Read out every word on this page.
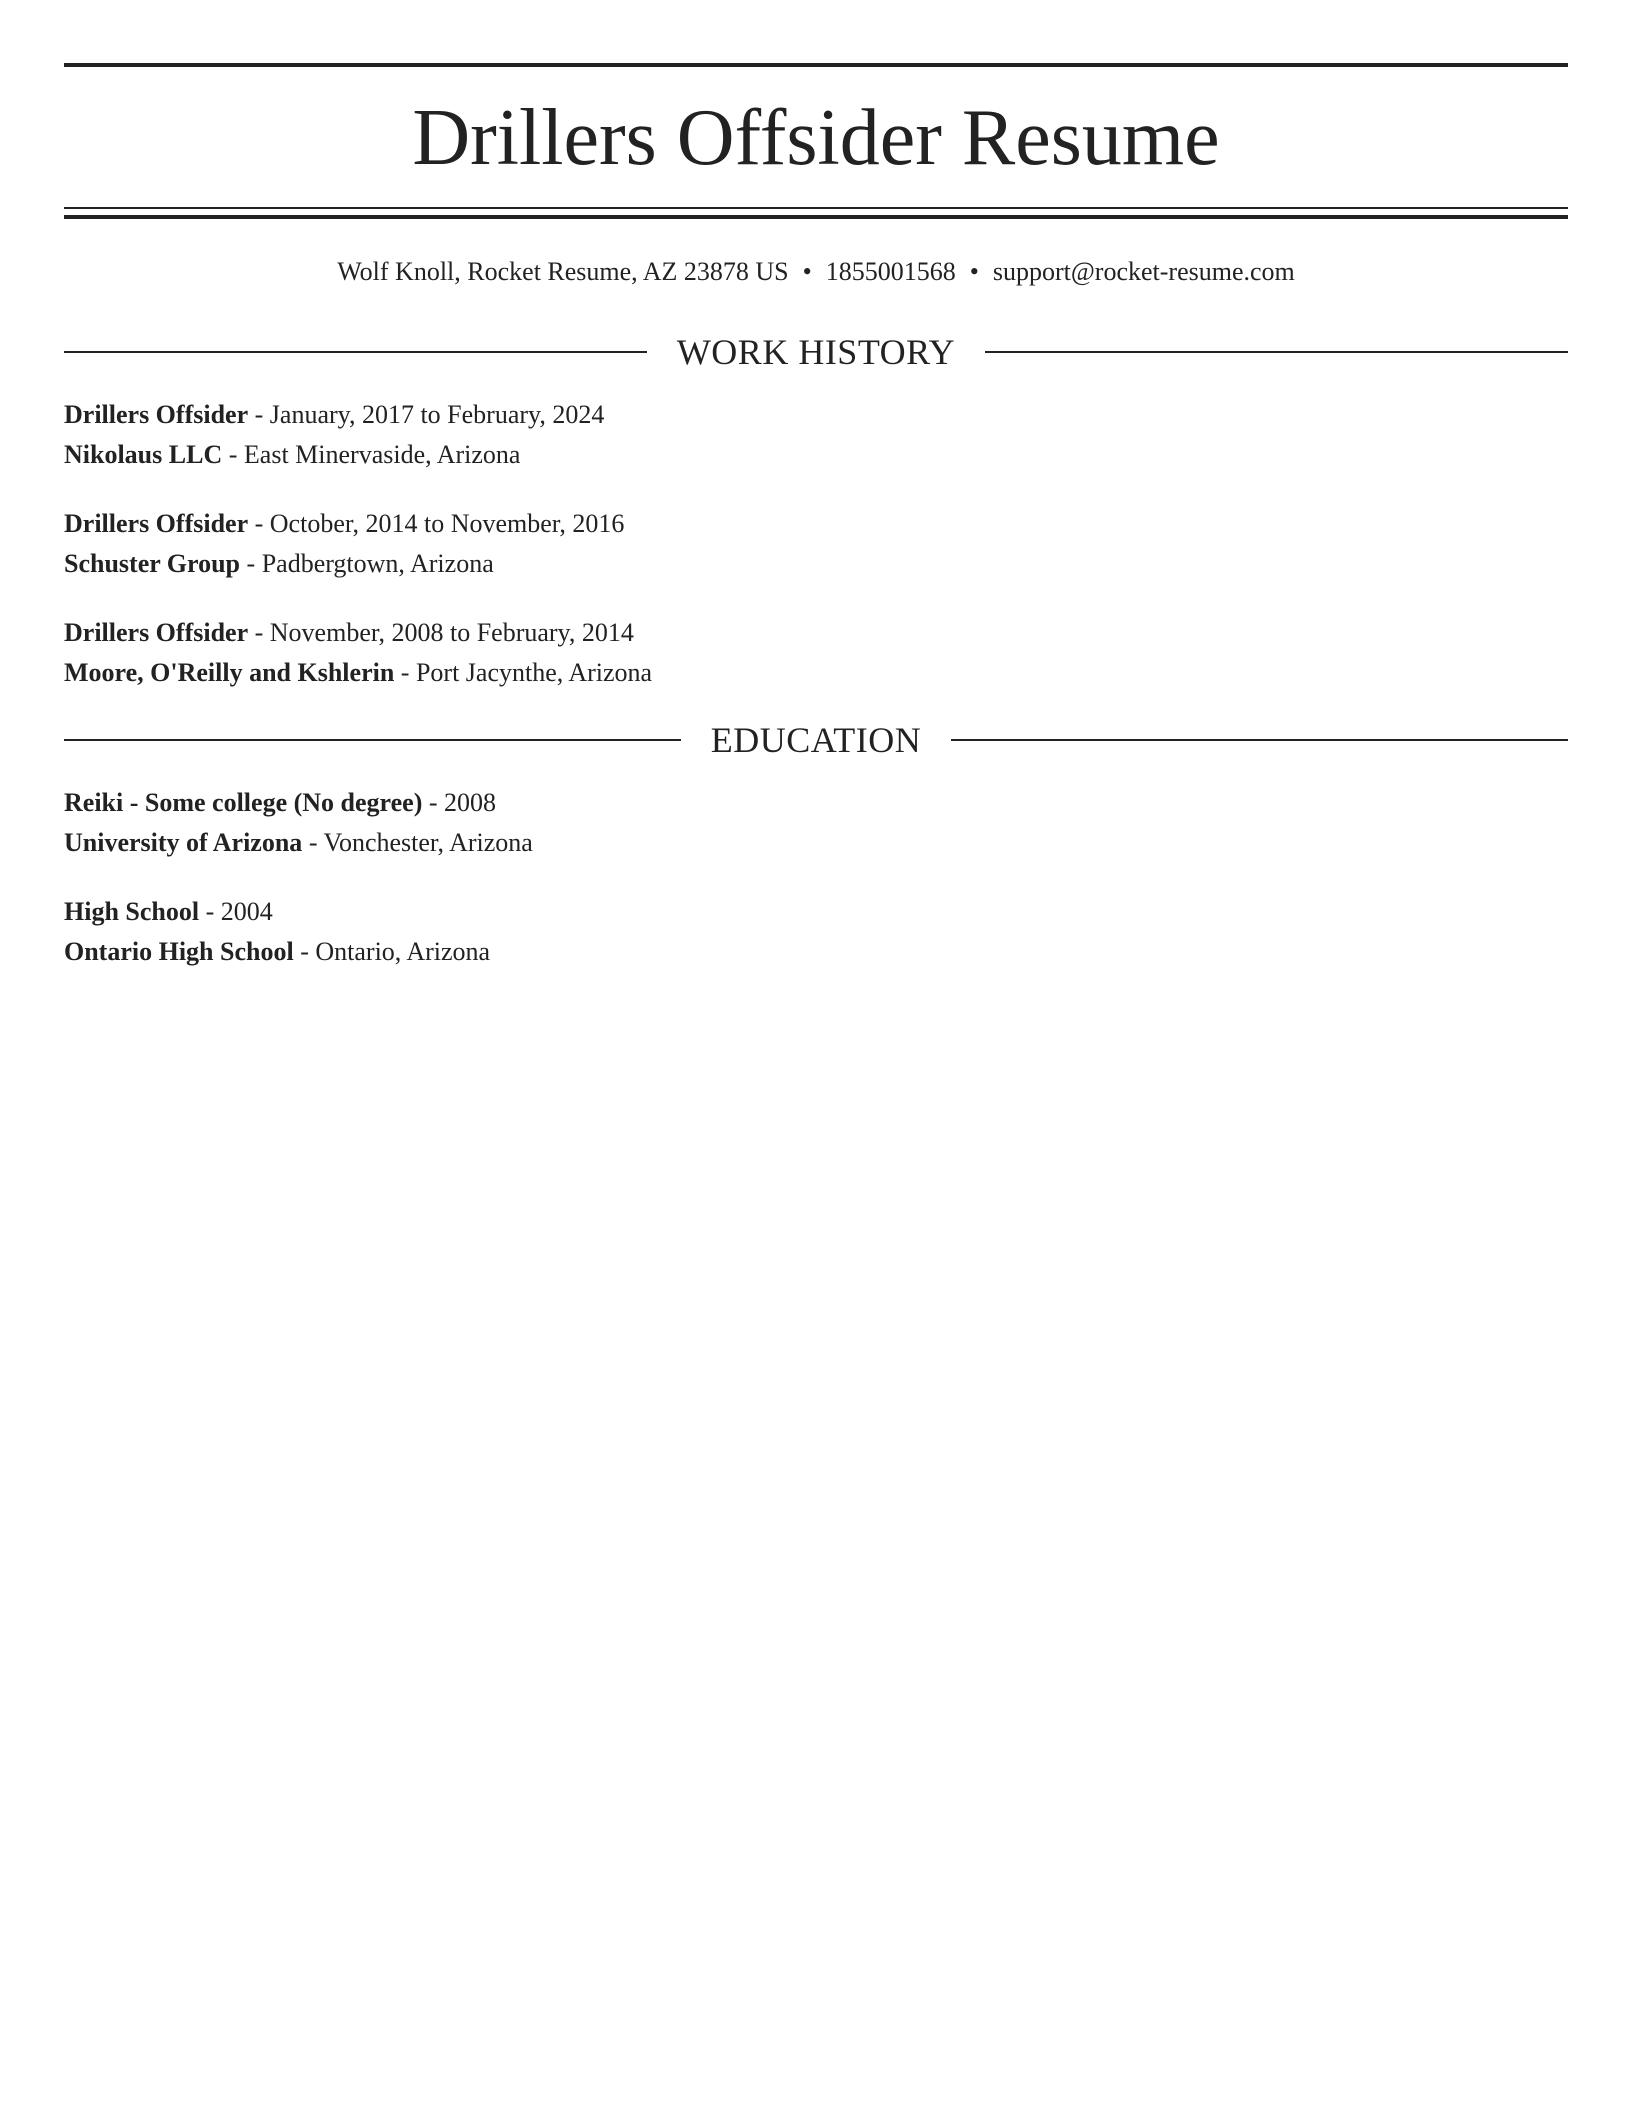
Drillers Offsider Resume
Wolf Knoll, Rocket Resume, AZ 23878 US • 1855001568 • support@rocket-resume.com
WORK HISTORY
Drillers Offsider - January, 2017 to February, 2024
Nikolaus LLC - East Minervaside, Arizona
Drillers Offsider - October, 2014 to November, 2016
Schuster Group - Padbergtown, Arizona
Drillers Offsider - November, 2008 to February, 2014
Moore, O'Reilly and Kshlerin - Port Jacynthe, Arizona
EDUCATION
Reiki - Some college (No degree) - 2008
University of Arizona - Vonchester, Arizona
High School - 2004
Ontario High School - Ontario, Arizona
